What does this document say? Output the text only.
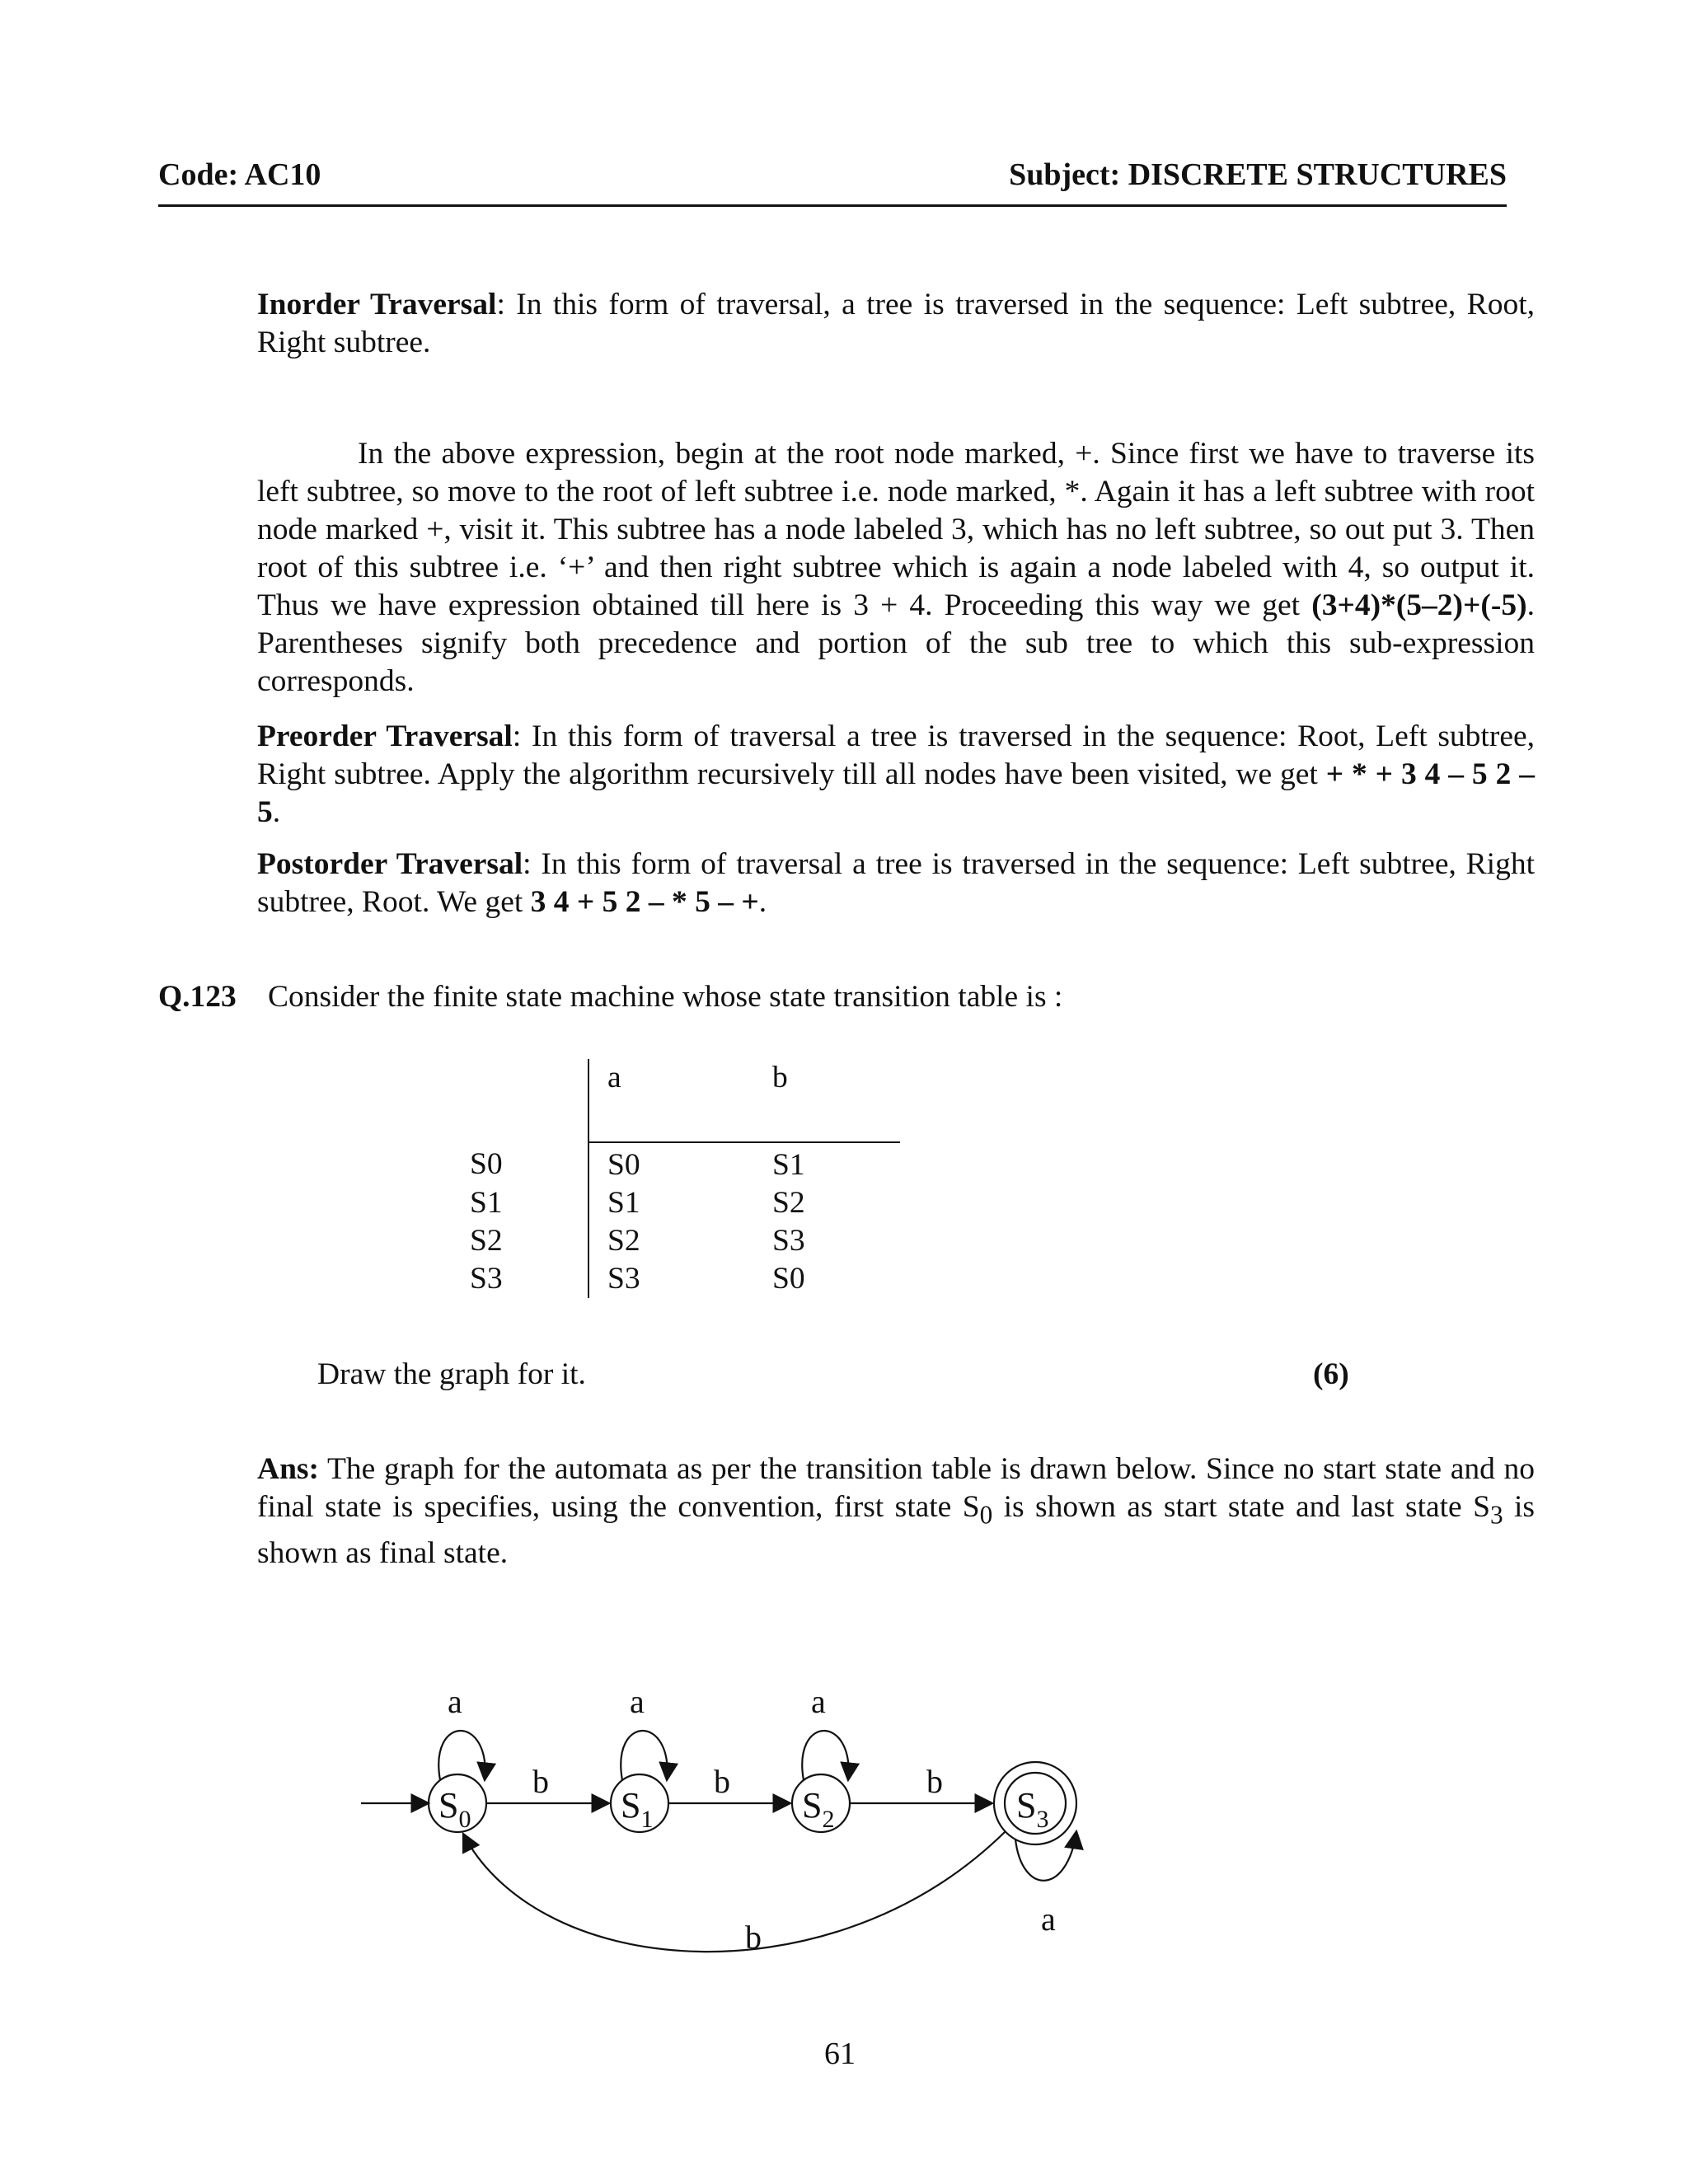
Code: AC10	Subject: DISCRETE STRUCTURES

Inorder Traversal: In this form of traversal, a tree is traversed in the sequence: Left subtree, Root, Right subtree.

In the above expression, begin at the root node marked, +. Since first we have to traverse its left subtree, so move to the root of left subtree i.e. node marked, *. Again it has a left subtree with root node marked +, visit it. This subtree has a node labeled 3, which has no left subtree, so out put 3. Then root of this subtree i.e. ‘+’ and then right subtree which is again a node labeled with 4, so output it. Thus we have expression obtained till here is 3 + 4. Proceeding this way we get (3+4)*(5–2)+(-5). Parentheses signify both precedence and portion of the sub tree to which this sub-expression corresponds.

Preorder Traversal: In this form of traversal a tree is traversed in the sequence: Root, Left subtree, Right subtree. Apply the algorithm recursively till all nodes have been visited, we get + * + 3 4 – 5 2 –5.

Postorder Traversal: In this form of traversal a tree is traversed in the sequence: Left subtree, Right subtree, Root. We get 3 4 + 5 2 – * 5 – +.

Q.123 Consider the finite state machine whose state transition table is :
	a	b
S0	S0	S1
S1	S1	S2
S2	S2	S3
S3	S3	S0
Draw the graph for it.	(6)

Ans: The graph for the automata as per the transition table is drawn below. Since no start state and no final state is specifies, using the convention, first state $S_0$ is shown as start state and last state $S_3$ is shown as final state.

$S_0$	$S_1$	$S_2$	$S_3$
a	a	a
a
b	b	b
b
61
